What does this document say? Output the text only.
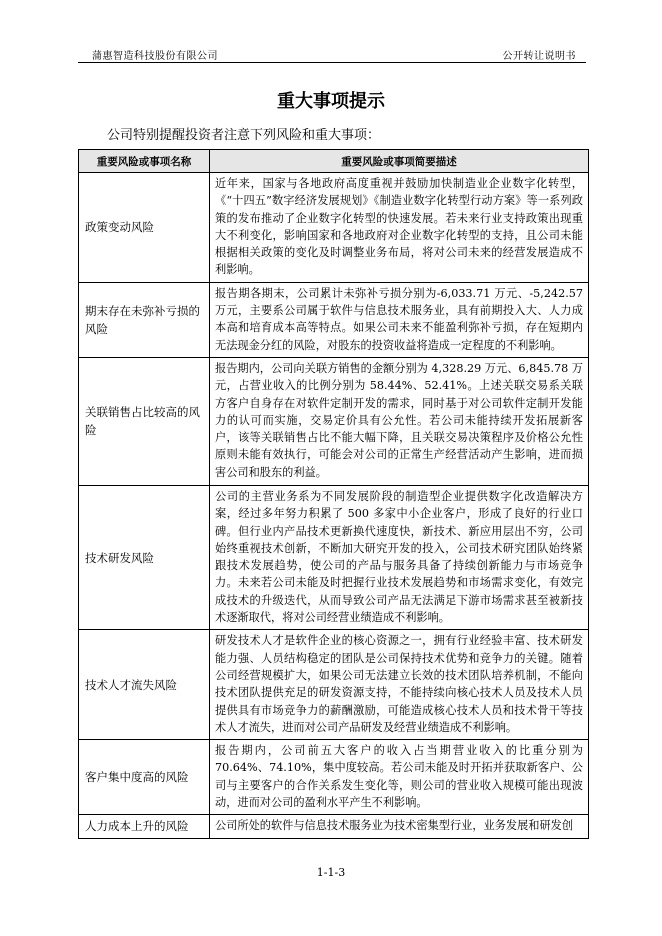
蒲惠智造科技股份有限公司	公开转让说明书
重大事项提示
公司特别提醒投资者注意下列风险和重大事项：
重要风险或事项名称	重要风险或事项简要描述
政策变动风险	近年来，国家与各地政府高度重视并鼓励加快制造业企业数字化转型，《“十四五”数字经济发展规划》《制造业数字化转型行动方案》等一系列政策的发布推动了企业数字化转型的快速发展。若未来行业支持政策出现重大不利变化，影响国家和各地政府对企业数字化转型的支持，且公司未能根据相关政策的变化及时调整业务布局，将对公司未来的经营发展造成不利影响。
期末存在未弥补亏损的风险	报告期各期末，公司累计未弥补亏损分别为-6,033.71 万元、-5,242.57 万元，主要系公司属于软件与信息技术服务业，具有前期投入大、人力成本高和培育成本高等特点。如果公司未来不能盈利弥补亏损，存在短期内无法现金分红的风险，对股东的投资收益将造成一定程度的不利影响。
关联销售占比较高的风险	报告期内，公司向关联方销售的金额分别为 4,328.29 万元、6,845.78 万元，占营业收入的比例分别为 58.44%、52.41%。上述关联交易系关联方客户自身存在对软件定制开发的需求，同时基于对公司软件定制开发能力的认可而实施，交易定价具有公允性。若公司未能持续开发拓展新客户，该等关联销售占比不能大幅下降，且关联交易决策程序及价格公允性原则未能有效执行，可能会对公司的正常生产经营活动产生影响，进而损害公司和股东的利益。
技术研发风险	公司的主营业务系为不同发展阶段的制造型企业提供数字化改造解决方案，经过多年努力积累了 500 多家中小企业客户，形成了良好的行业口碑。但行业内产品技术更新换代速度快，新技术、新应用层出不穷，公司始终重视技术创新，不断加大研究开发的投入，公司技术研究团队始终紧跟技术发展趋势，使公司的产品与服务具备了持续创新能力与市场竞争力。未来若公司未能及时把握行业技术发展趋势和市场需求变化，有效完成技术的升级迭代，从而导致公司产品无法满足下游市场需求甚至被新技术逐渐取代，将对公司经营业绩造成不利影响。
技术人才流失风险	研发技术人才是软件企业的核心资源之一，拥有行业经验丰富、技术研发能力强、人员结构稳定的团队是公司保持技术优势和竞争力的关键。随着公司经营规模扩大，如果公司无法建立长效的技术团队培养机制，不能向技术团队提供充足的研发资源支持，不能持续向核心技术人员及技术人员提供具有市场竞争力的薪酬激励，可能造成核心技术人员和技术骨干等技术人才流失，进而对公司产品研发及经营业绩造成不利影响。
客户集中度高的风险	报告期内，公司前五大客户的收入占当期营业收入的比重分别为 70.64%、74.10%，集中度较高。若公司未能及时开拓并获取新客户、公司与主要客户的合作关系发生变化等，则公司的营业收入规模可能出现波动，进而对公司的盈利水平产生不利影响。
人力成本上升的风险	公司所处的软件与信息技术服务业为技术密集型行业，业务发展和研发创
1-1-3
